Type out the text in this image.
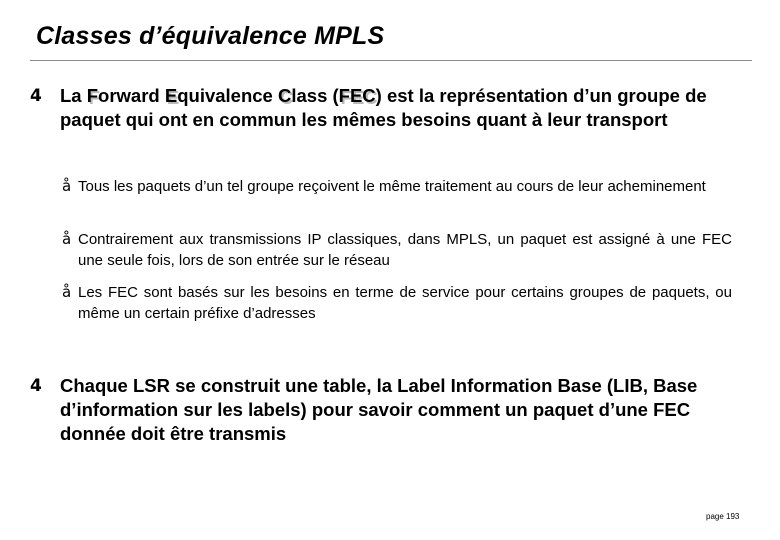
Classes d’équivalence MPLS
4 La F Forward E Equivalence C Class (FEC FEC) est la représentation d’un groupe de paquet qui ont en commun les mêmes besoins quant à leur transport
å Tous les paquets d’un tel groupe reçoivent le même traitement au cours de leur acheminement
å Contrairement aux transmissions IP classiques, dans MPLS, un paquet est assigné à une FEC une seule fois, lors de son entrée sur le réseau
å Les FEC sont basés sur les besoins en terme de service pour certains groupes de paquets, ou même un certain préfixe d’adresses
4 Chaque LSR se construit une table, la Label Information Base (LIB, Base d’information sur les labels) pour savoir comment un paquet d’une FEC donnée doit être transmis
page 193
